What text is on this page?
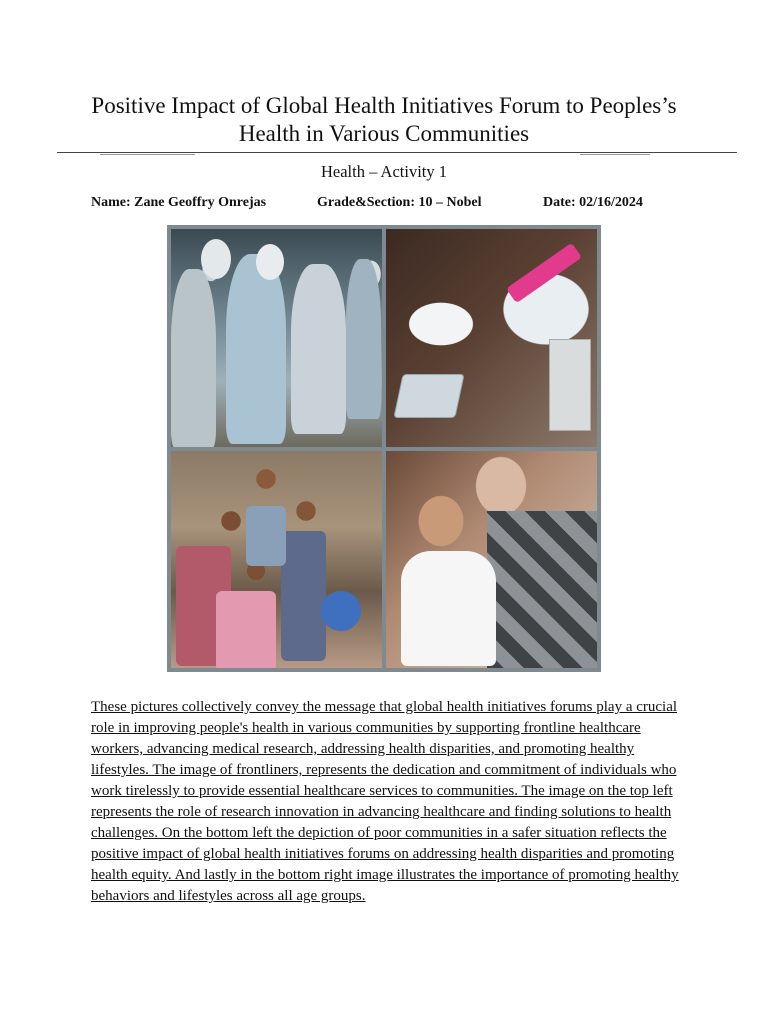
Positive Impact of Global Health Initiatives Forum to Peoples’s Health in Various Communities
Health – Activity 1
Name: Zane Geoffry Onrejas	Grade&Section: 10 – Nobel	Date: 02/16/2024
These pictures collectively convey the message that global health initiatives forums play a crucial role in improving people's health in various communities by supporting frontline healthcare workers, advancing medical research, addressing health disparities, and promoting healthy lifestyles. The image of frontliners, represents the dedication and commitment of individuals who work tirelessly to provide essential healthcare services to communities. The image on the top left represents the role of research innovation in advancing healthcare and finding solutions to health challenges. On the bottom left the depiction of poor communities in a safer situation reflects the positive impact of global health initiatives forums on addressing health disparities and promoting health equity. And lastly in the bottom right image illustrates the importance of promoting healthy behaviors and lifestyles across all age groups.
